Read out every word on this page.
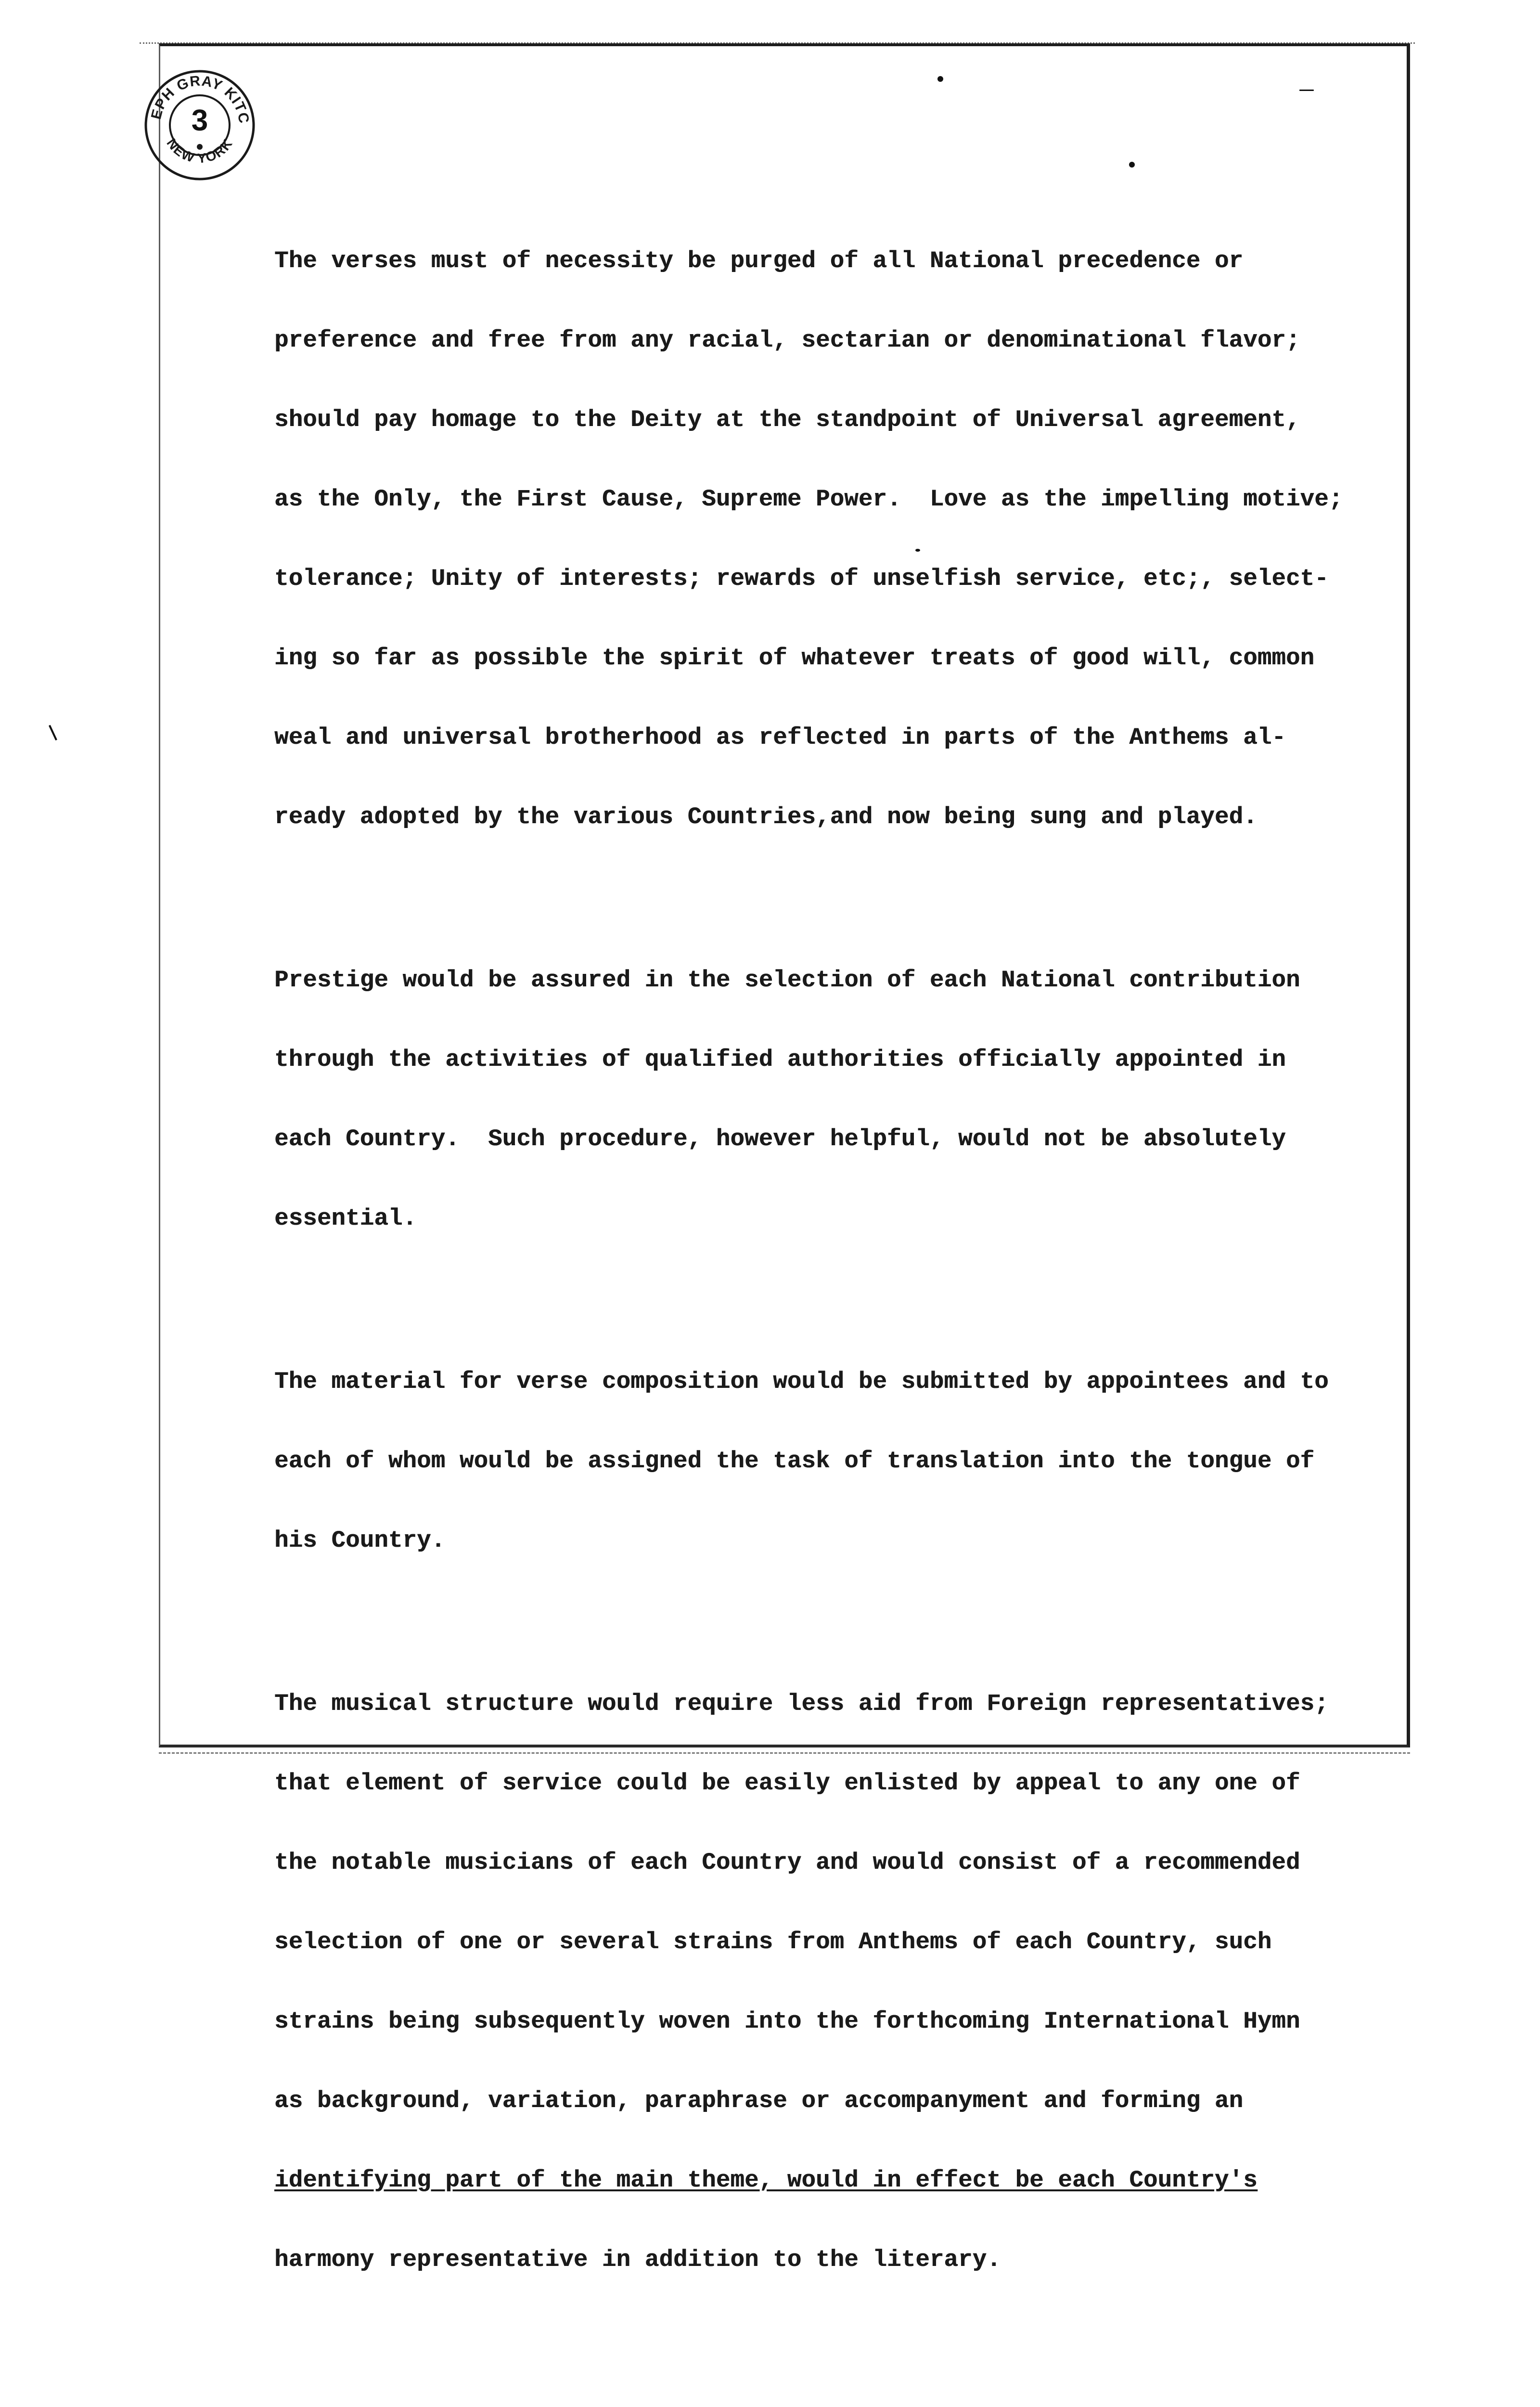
EPH GRAY KITC
NEW YORK
3

The verses must of necessity be purged of all National precedence or

preference and free from any racial, sectarian or denominational flavor;

should pay homage to the Deity at the standpoint of Universal agreement,

as the Only, the First Cause, Supreme Power.  Love as the impelling motive;

tolerance; Unity of interests; rewards of unselfish service, etc;, select-

ing so far as possible the spirit of whatever treats of good will, common

weal and universal brotherhood as reflected in parts of the Anthems al-

ready adopted by the various Countries,and now being sung and played.

Prestige would be assured in the selection of each National contribution

through the activities of qualified authorities officially appointed in

each Country.  Such procedure, however helpful, would not be absolutely

essential.

The material for verse composition would be submitted by appointees and to

each of whom would be assigned the task of translation into the tongue of

his Country.

The musical structure would require less aid from Foreign representatives;

that element of service could be easily enlisted by appeal to any one of

the notable musicians of each Country and would consist of a recommended

selection of one or several strains from Anthems of each Country, such

strains being subsequently woven into the forthcoming International Hymn

as background, variation, paraphrase or accompanyment and forming an

identifying part of the main theme, would in effect be each Country's

harmony representative in addition to the literary.
